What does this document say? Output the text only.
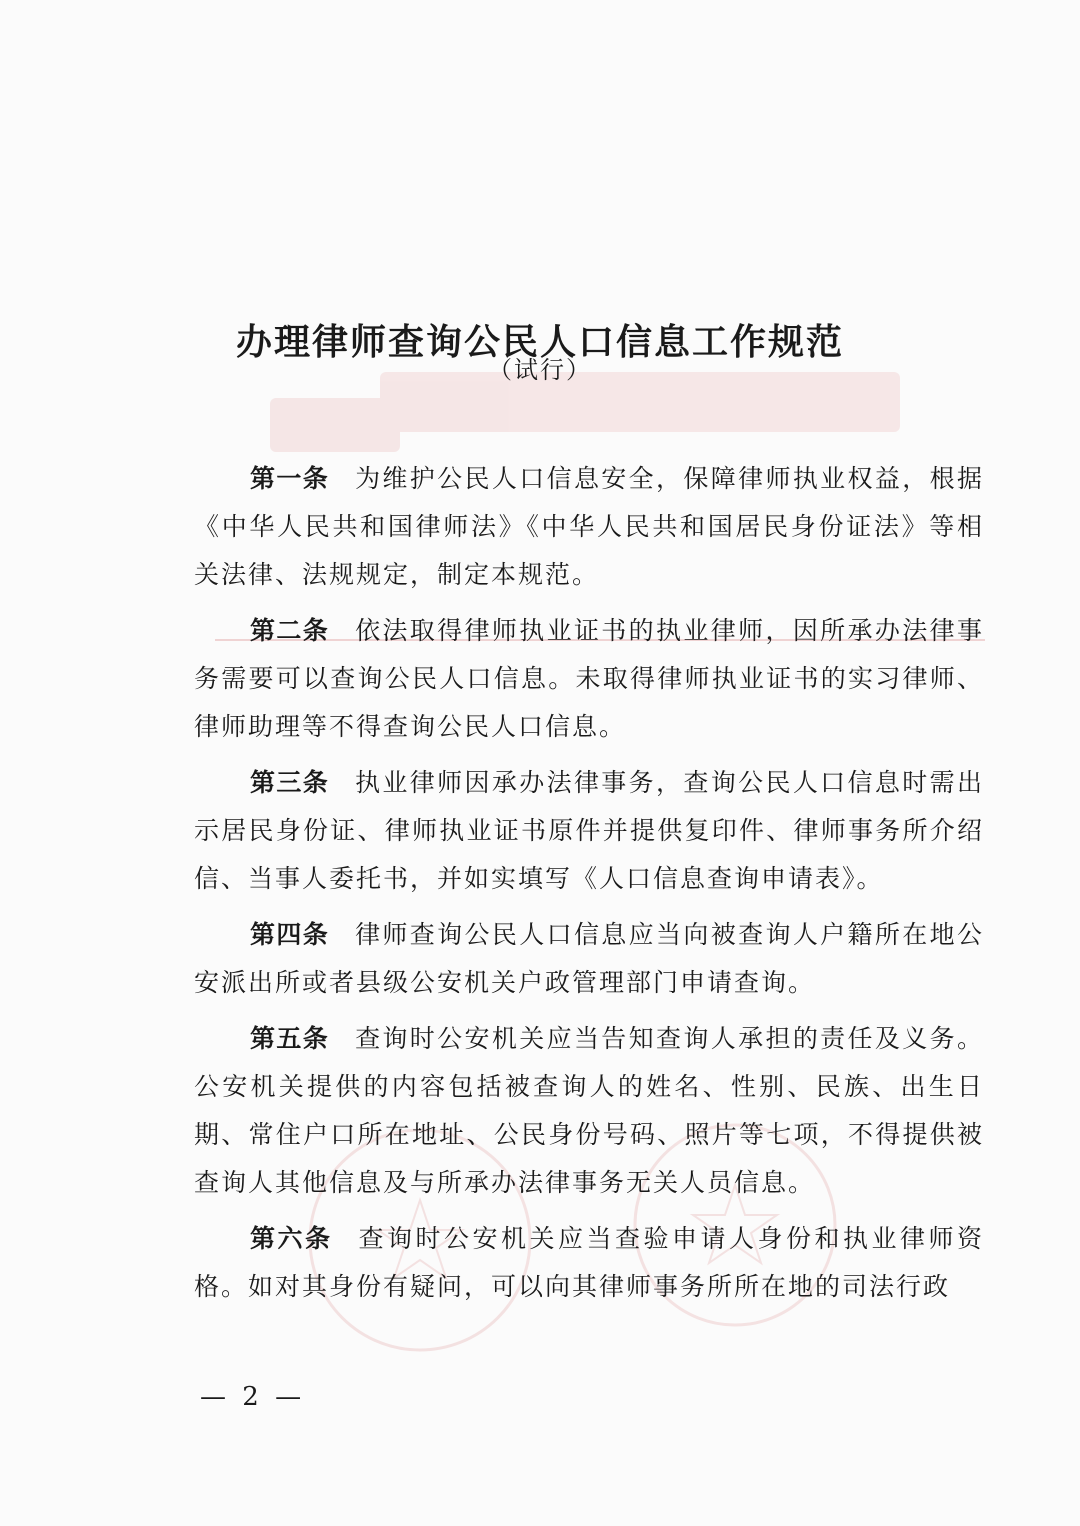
办理律师查询公民人口信息工作规范
（试行）

第一条 为维护公民人口信息安全，保障律师执业权益，根据《中华人民共和国律师法》《中华人民共和国居民身份证法》等相关法律、法规规定，制定本规范。

第二条 依法取得律师执业证书的执业律师，因所承办法律事务需要可以查询公民人口信息。未取得律师执业证书的实习律师、律师助理等不得查询公民人口信息。

第三条 执业律师因承办法律事务，查询公民人口信息时需出示居民身份证、律师执业证书原件并提供复印件、律师事务所介绍信、当事人委托书，并如实填写《人口信息查询申请表》。

第四条 律师查询公民人口信息应当向被查询人户籍所在地公安派出所或者县级公安机关户政管理部门申请查询。

第五条 查询时公安机关应当告知查询人承担的责任及义务。公安机关提供的内容包括被查询人的姓名、性别、民族、出生日期、常住户口所在地址、公民身份号码、照片等七项，不得提供被查询人其他信息及与所承办法律事务无关人员信息。

第六条 查询时公安机关应当查验申请人身份和执业律师资格。如对其身份有疑问，可以向其律师事务所所在地的司法行政

— 2 —
